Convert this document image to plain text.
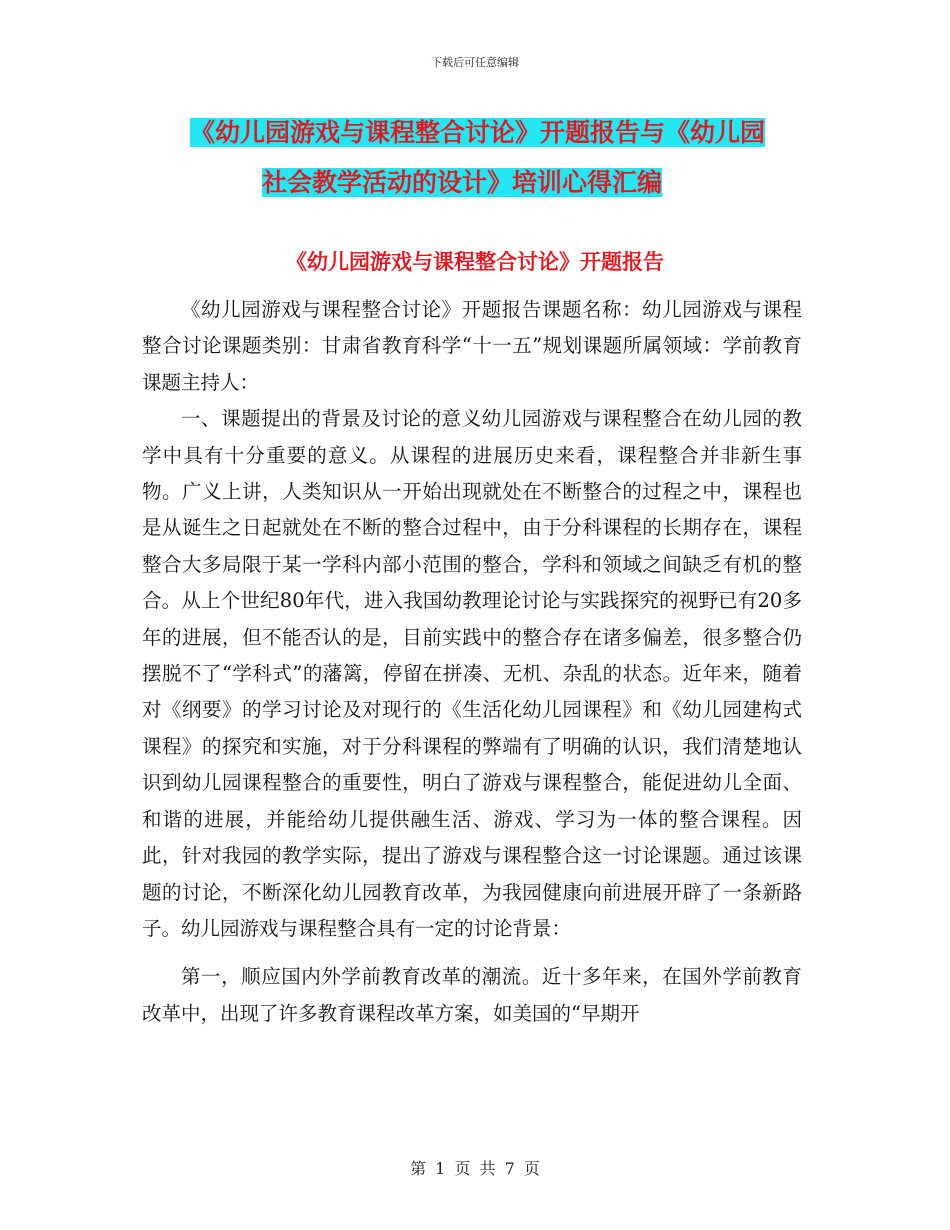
下载后可任意编辑
《幼儿园游戏与课程整合讨论》开题报告与《幼儿园
社会教学活动的设计》培训心得汇编
《幼儿园游戏与课程整合讨论》开题报告

《幼儿园游戏与课程整合讨论》开题报告课题名称：幼儿园游戏与课程整合讨论课题类别：甘肃省教育科学“十一五”规划课题所属领域：学前教育课题主持人：

一、课题提出的背景及讨论的意义幼儿园游戏与课程整合在幼儿园的教学中具有十分重要的意义。从课程的进展历史来看，课程整合并非新生事物。广义上讲，人类知识从一开始出现就处在不断整合的过程之中，课程也是从诞生之日起就处在不断的整合过程中，由于分科课程的长期存在，课程整合大多局限于某一学科内部小范围的整合，学科和领域之间缺乏有机的整合。从上个世纪80年代，进入我国幼教理论讨论与实践探究的视野已有20多年的进展，但不能否认的是，目前实践中的整合存在诸多偏差，很多整合仍摆脱不了“学科式”的藩篱，停留在拼凑、无机、杂乱的状态。近年来，随着对《纲要》的学习讨论及对现行的《生活化幼儿园课程》和《幼儿园建构式课程》的探究和实施，对于分科课程的弊端有了明确的认识，我们清楚地认识到幼儿园课程整合的重要性，明白了游戏与课程整合，能促进幼儿全面、和谐的进展，并能给幼儿提供融生活、游戏、学习为一体的整合课程。因此，针对我园的教学实际，提出了游戏与课程整合这一讨论课题。通过该课题的讨论，不断深化幼儿园教育改革，为我园健康向前进展开辟了一条新路子。幼儿园游戏与课程整合具有一定的讨论背景：

第一，顺应国内外学前教育改革的潮流。近十多年来，在国外学前教育改革中，出现了许多教育课程改革方案，如美国的“早期开

第 1 页 共 7 页
